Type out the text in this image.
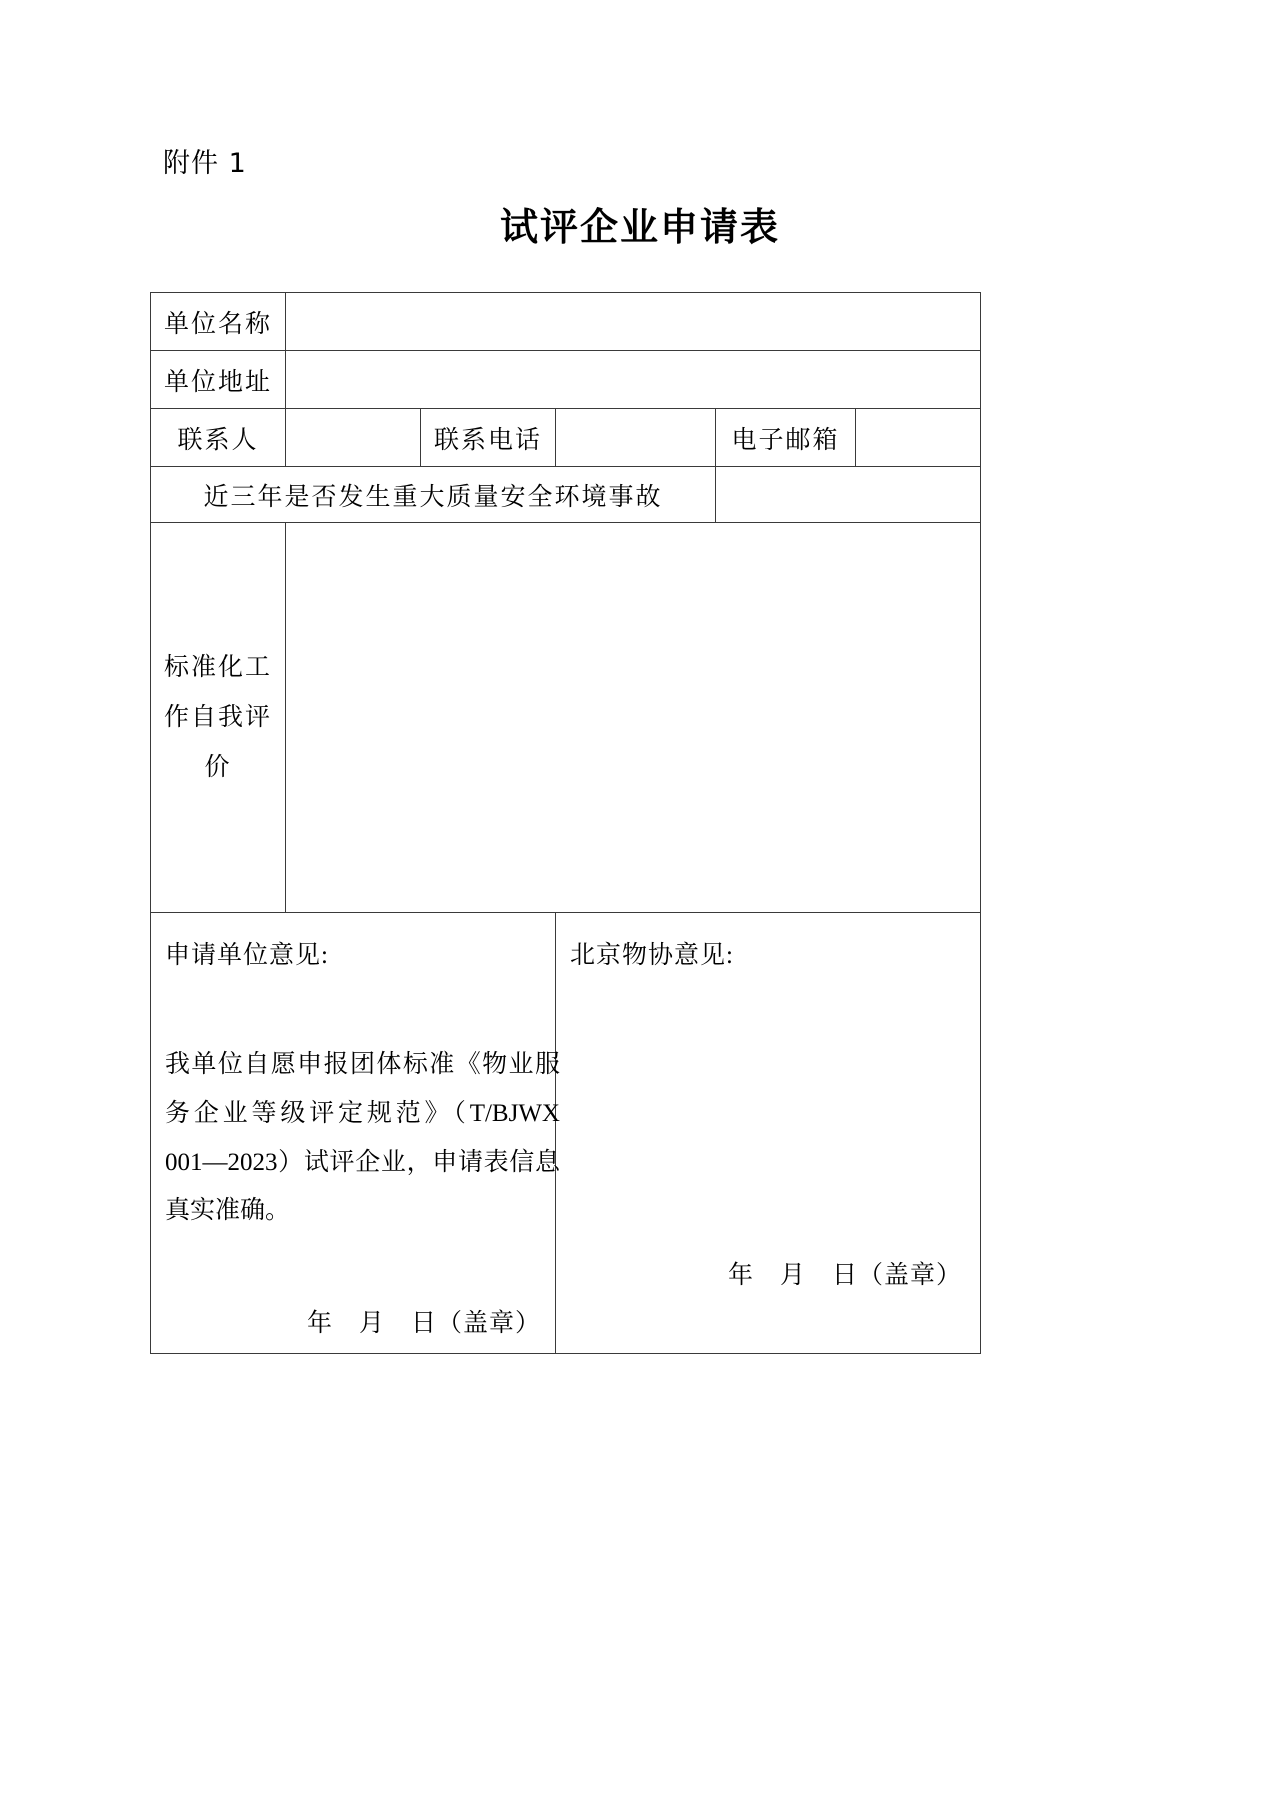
附件 1
试评企业申请表
单位名称					
单位地址					
联系人		联系电话		电子邮箱	
近三年是否发生重大质量安全环境事故					
标准化工作自我评价					

申请单位意见:
我单位自愿申报团体标准《物业服务企业等级评定规范》（T/BJWX 001—2023）试评企业，申请表信息真实准确。
年　月　日（盖章）

北京物协意见:
年　月　日（盖章）
